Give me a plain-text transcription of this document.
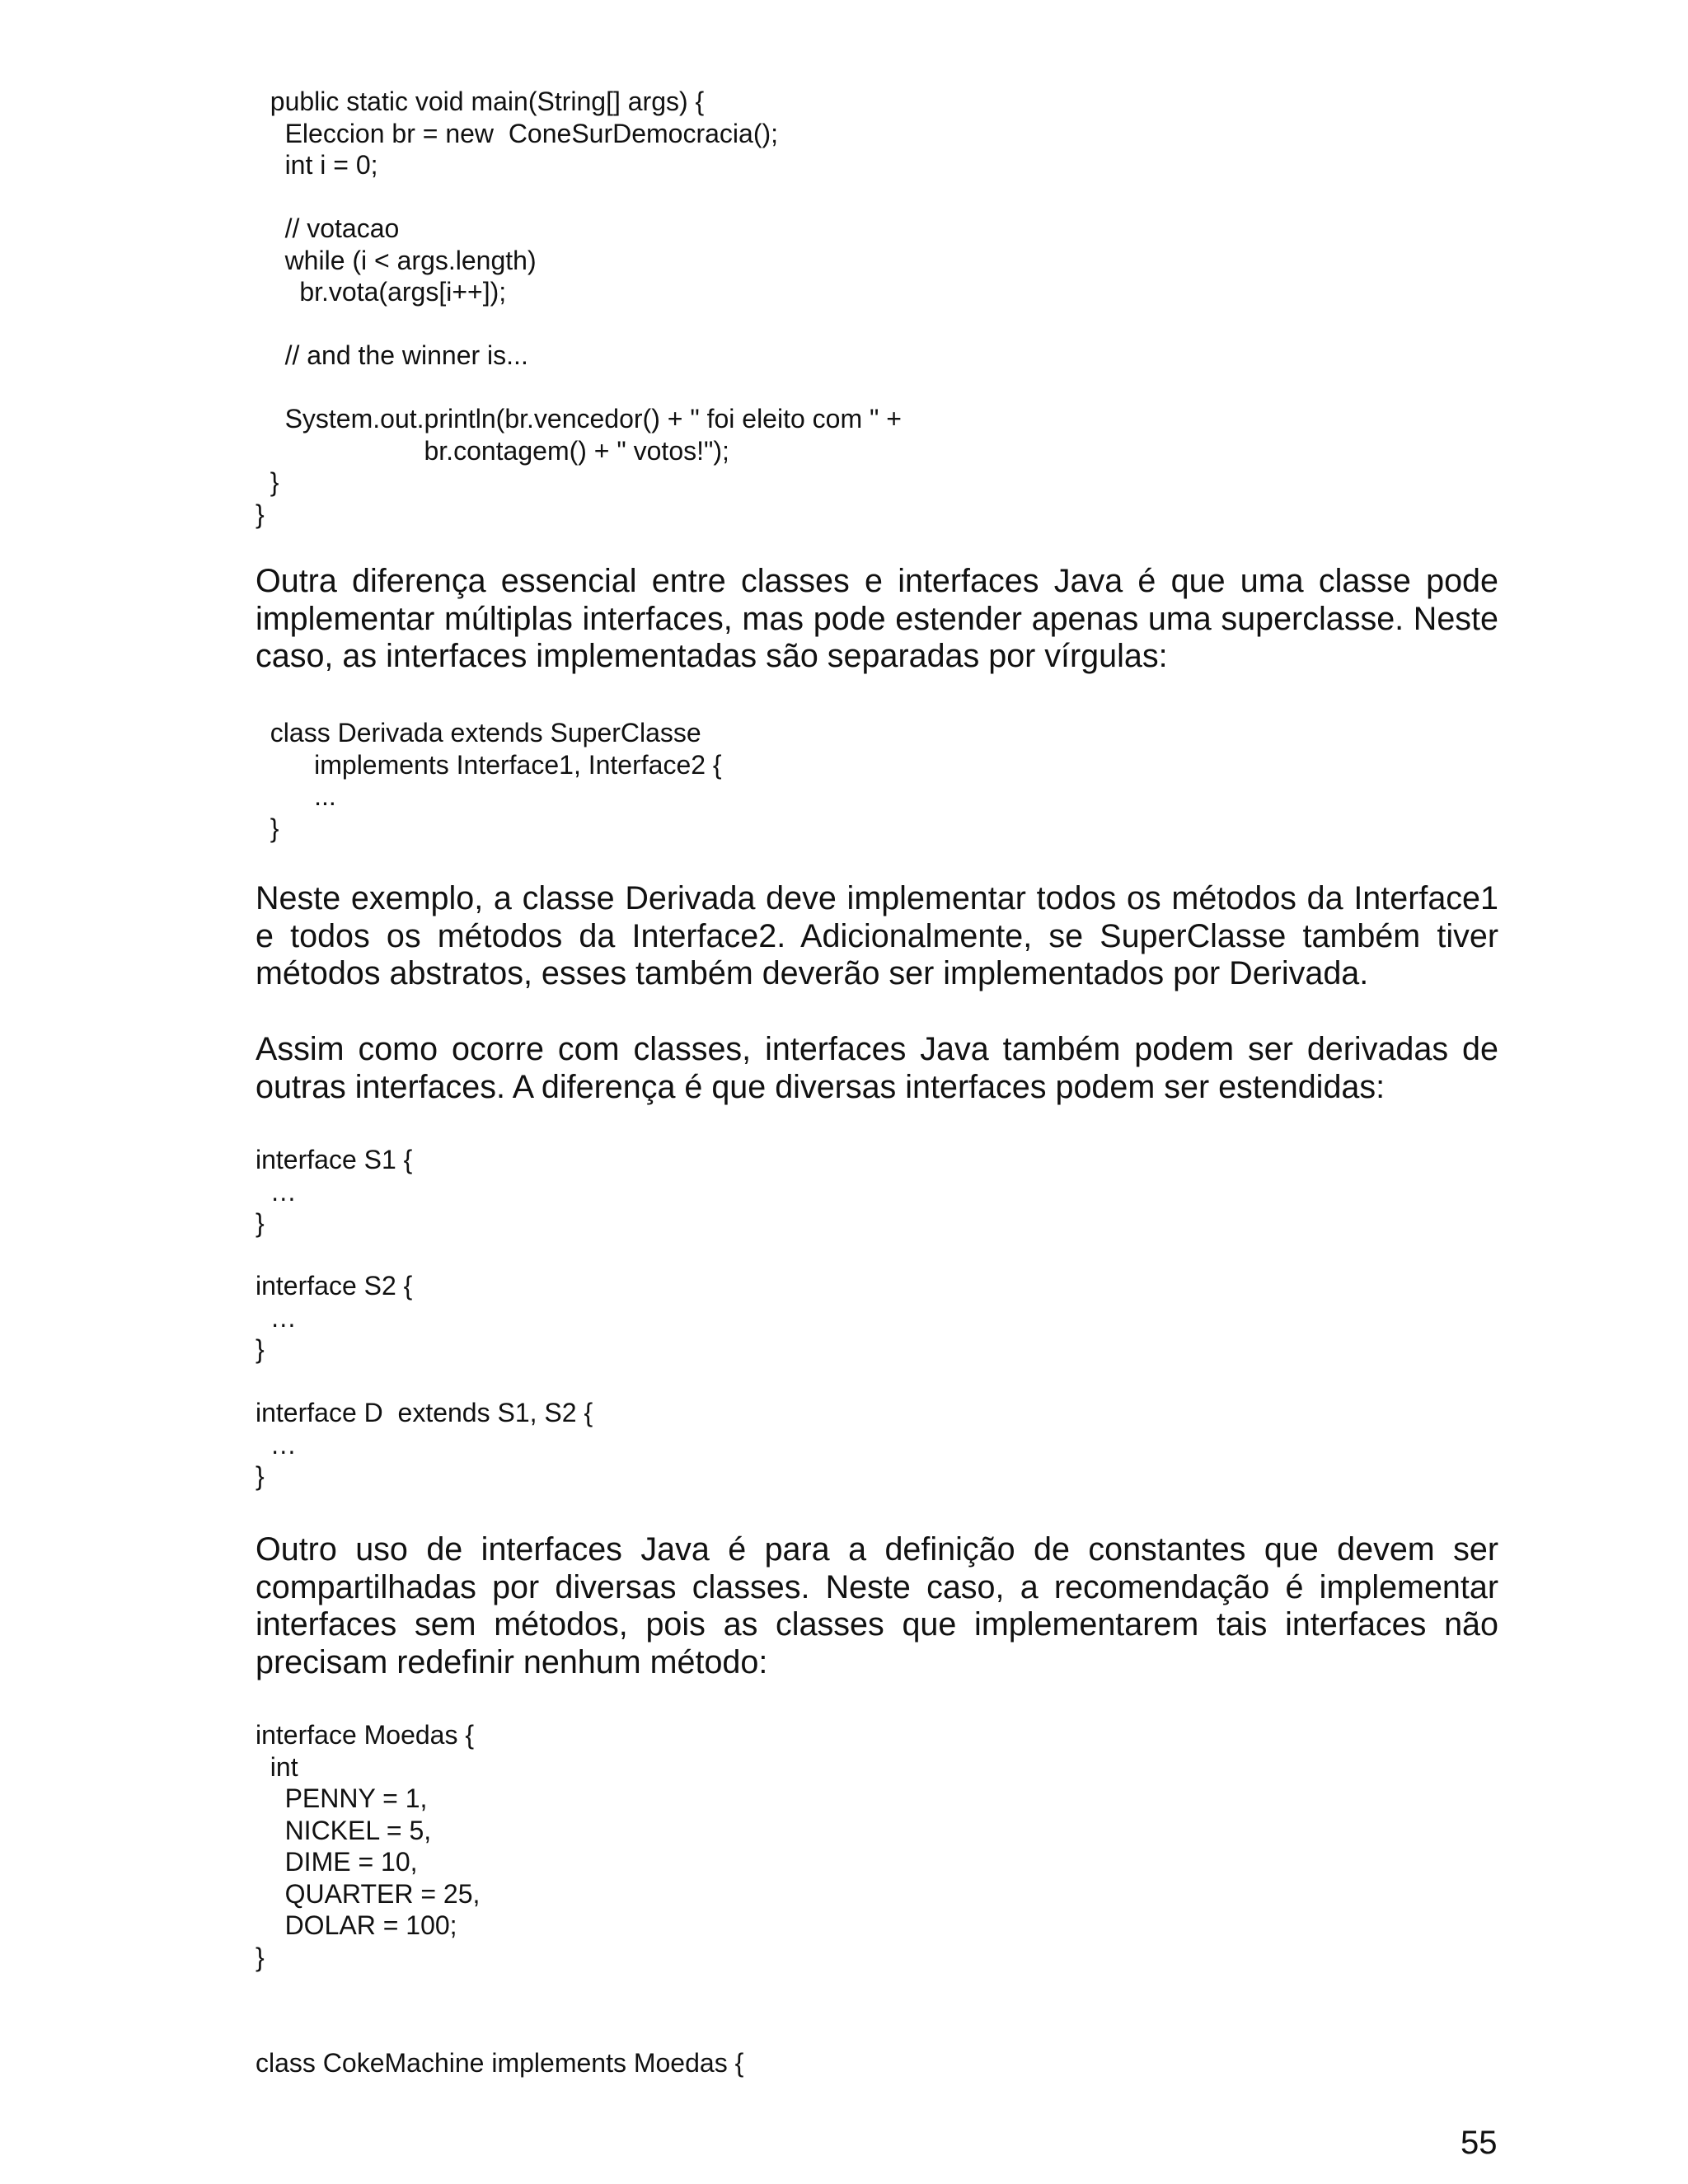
public static void main(String[] args) {
Eleccion br = new  ConeSurDemocracia();
int i = 0;

// votacao
while (i < args.length)
br.vota(args[i++]);

// and the winner is...

System.out.println(br.vencedor() + " foi eleito com " +
br.contagem() + " votos!");
}
}

Outra diferença essencial entre classes e interfaces Java é que uma classe pode implementar múltiplas interfaces, mas pode estender apenas uma superclasse. Neste caso, as interfaces implementadas são separadas por vírgulas:

class Derivada extends SuperClasse
implements Interface1, Interface2 {
...
}

Neste exemplo, a classe Derivada deve implementar todos os métodos da Interface1 e todos os métodos da Interface2. Adicionalmente, se SuperClasse também tiver métodos abstratos, esses também deverão ser implementados por Derivada.

Assim como ocorre com classes, interfaces Java também podem ser derivadas de outras interfaces. A diferença é que diversas interfaces podem ser estendidas:

interface S1 {
…
}
interface S2 {
…
}
interface D  extends S1, S2 {
…
}

Outro uso de interfaces Java é para a definição de constantes que devem ser compartilhadas por diversas classes. Neste caso, a recomendação é implementar interfaces sem métodos, pois as classes que implementarem tais interfaces não precisam redefinir nenhum método:

interface Moedas {
int
PENNY = 1,
NICKEL = 5,
DIME = 10,
QUARTER = 25,
DOLAR = 100;
}
class CokeMachine implements Moedas {
55
